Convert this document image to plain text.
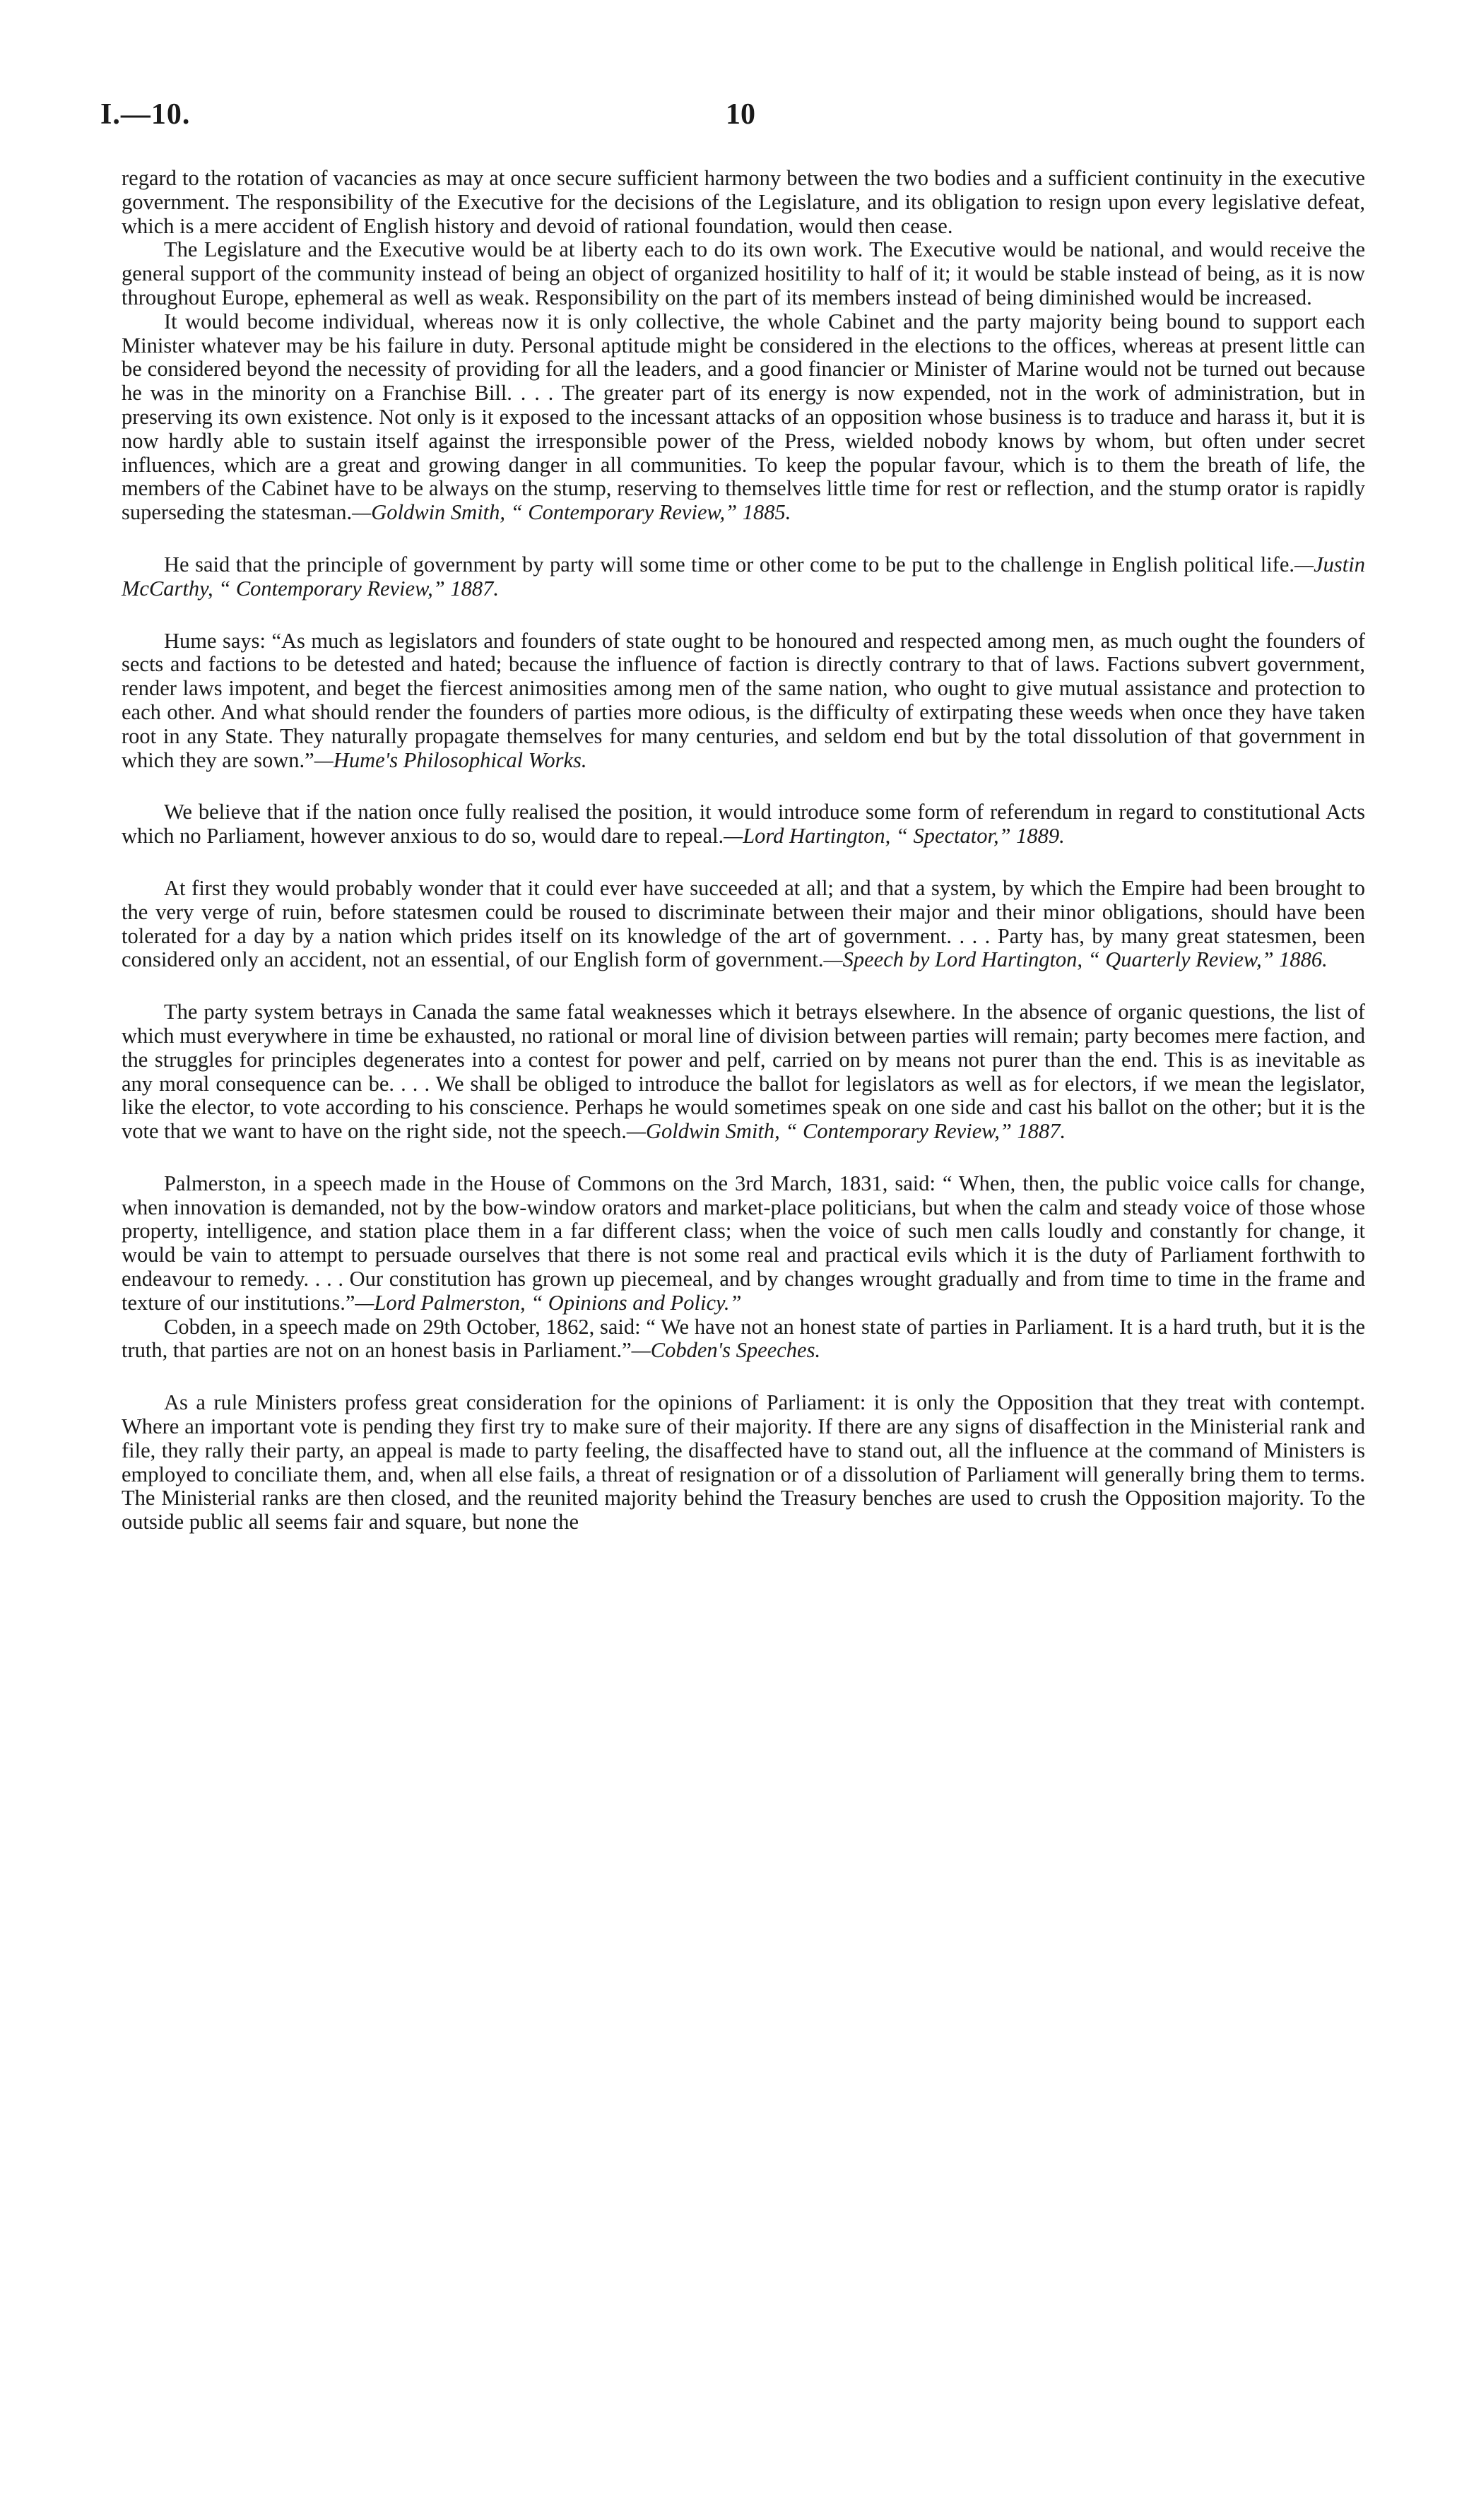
I.—10.	10

regard to the rotation of vacancies as may at once secure sufficient harmony between the two bodies and a sufficient continuity in the executive government. The responsibility of the Executive for the decisions of the Legislature, and its obligation to resign upon every legislative defeat, which is a mere accident of English history and devoid of rational foundation, would then cease.

The Legislature and the Executive would be at liberty each to do its own work. The Executive would be national, and would receive the general support of the community instead of being an object of organized hositility to half of it; it would be stable instead of being, as it is now throughout Europe, ephemeral as well as weak. Responsibility on the part of its members instead of being diminished would be increased.

It would become individual, whereas now it is only collective, the whole Cabinet and the party majority being bound to support each Minister whatever may be his failure in duty. Personal aptitude might be considered in the elections to the offices, whereas at present little can be considered beyond the necessity of providing for all the leaders, and a good financier or Minister of Marine would not be turned out because he was in the minority on a Franchise Bill. . . . The greater part of its energy is now expended, not in the work of administration, but in preserving its own existence. Not only is it exposed to the incessant attacks of an opposition whose business is to traduce and harass it, but it is now hardly able to sustain itself against the irresponsible power of the Press, wielded nobody knows by whom, but often under secret influences, which are a great and growing danger in all communities. To keep the popular favour, which is to them the breath of life, the members of the Cabinet have to be always on the stump, reserving to themselves little time for rest or reflection, and the stump orator is rapidly superseding the statesman.—Goldwin Smith, “ Contemporary Review,” 1885.

He said that the principle of government by party will some time or other come to be put to the challenge in English political life.—Justin McCarthy, “ Contemporary Review,” 1887.

Hume says: “As much as legislators and founders of state ought to be honoured and respected among men, as much ought the founders of sects and factions to be detested and hated; because the influence of faction is directly contrary to that of laws. Factions subvert government, render laws impotent, and beget the fiercest animosities among men of the same nation, who ought to give mutual assistance and protection to each other. And what should render the founders of parties more odious, is the difficulty of extirpating these weeds when once they have taken root in any State. They naturally propagate themselves for many centuries, and seldom end but by the total dissolution of that government in which they are sown.”—Hume's Philosophical Works.

We believe that if the nation once fully realised the position, it would introduce some form of referendum in regard to constitutional Acts which no Parliament, however anxious to do so, would dare to repeal.—Lord Hartington, “ Spectator,” 1889.

At first they would probably wonder that it could ever have succeeded at all; and that a system, by which the Empire had been brought to the very verge of ruin, before statesmen could be roused to discriminate between their major and their minor obligations, should have been tolerated for a day by a nation which prides itself on its knowledge of the art of government. . . . Party has, by many great statesmen, been considered only an accident, not an essential, of our English form of government.—Speech by Lord Hartington, “ Quarterly Review,” 1886.

The party system betrays in Canada the same fatal weaknesses which it betrays elsewhere. In the absence of organic questions, the list of which must everywhere in time be exhausted, no rational or moral line of division between parties will remain; party becomes mere faction, and the struggles for principles degenerates into a contest for power and pelf, carried on by means not purer than the end. This is as inevitable as any moral consequence can be. . . . We shall be obliged to introduce the ballot for legislators as well as for electors, if we mean the legislator, like the elector, to vote according to his conscience. Perhaps he would sometimes speak on one side and cast his ballot on the other; but it is the vote that we want to have on the right side, not the speech.—Goldwin Smith, “ Contemporary Review,” 1887.

Palmerston, in a speech made in the House of Commons on the 3rd March, 1831, said: “ When, then, the public voice calls for change, when innovation is demanded, not by the bow-window orators and market-place politicians, but when the calm and steady voice of those whose property, intelligence, and station place them in a far different class; when the voice of such men calls loudly and constantly for change, it would be vain to attempt to persuade ourselves that there is not some real and practical evils which it is the duty of Parliament forthwith to endeavour to remedy. . . . Our constitution has grown up piecemeal, and by changes wrought gradually and from time to time in the frame and texture of our institutions.”—Lord Palmerston, “ Opinions and Policy.”

Cobden, in a speech made on 29th October, 1862, said: “ We have not an honest state of parties in Parliament. It is a hard truth, but it is the truth, that parties are not on an honest basis in Parliament.”—Cobden's Speeches.

As a rule Ministers profess great consideration for the opinions of Parliament: it is only the Opposition that they treat with contempt. Where an important vote is pending they first try to make sure of their majority. If there are any signs of disaffection in the Ministerial rank and file, they rally their party, an appeal is made to party feeling, the disaffected have to stand out, all the influence at the command of Ministers is employed to conciliate them, and, when all else fails, a threat of resignation or of a dissolution of Parliament will generally bring them to terms. The Ministerial ranks are then closed, and the reunited majority behind the Treasury benches are used to crush the Opposition majority. To the outside public all seems fair and square, but none the
